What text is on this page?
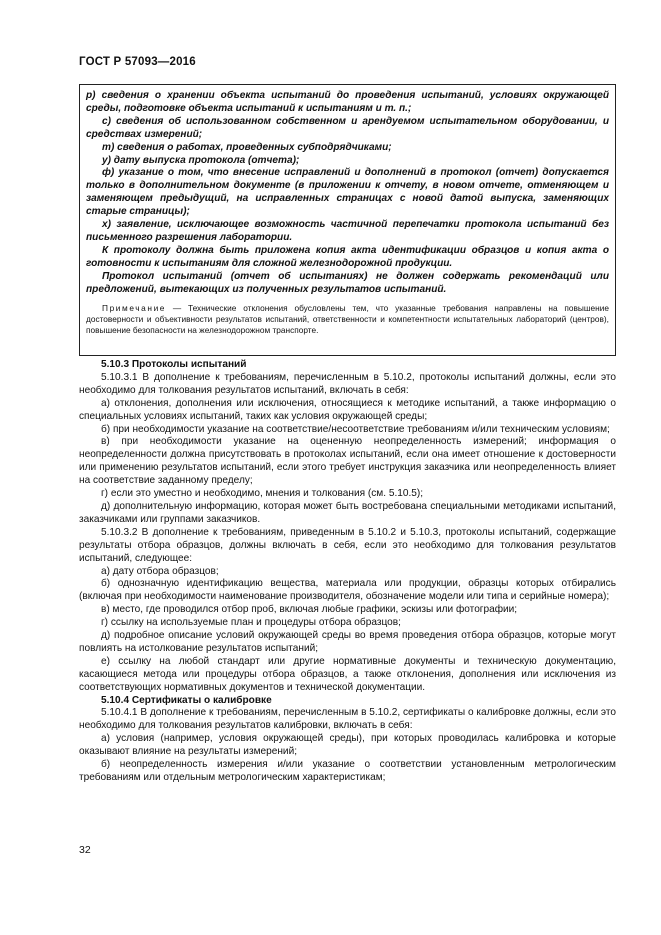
ГОСТ Р 57093—2016

р) сведения о хранении объекта испытаний до проведения испытаний, условиях окружающей среды, подготовке объекта испытаний к испытаниям и т. п.;

с) сведения об использованном собственном и арендуемом испытательном оборудовании, и средствах измерений;

т) сведения о работах, проведенных субподрядчиками;

у) дату выпуска протокола (отчета);

ф) указание о том, что внесение исправлений и дополнений в протокол (отчет) допускается только в дополнительном документе (в приложении к отчету, в новом отчете, отменяющем и заменяющем предыдущий, на исправленных страницах с новой датой выпуска, заменяющих старые страницы);

х) заявление, исключающее возможность частичной перепечатки протокола испытаний без письменного разрешения лаборатории.

К протоколу должна быть приложена копия акта идентификации образцов и копия акта о готовности к испытаниям для сложной железнодорожной продукции.

Протокол испытаний (отчет об испытаниях) не должен содержать рекомендаций или предложений, вытекающих из полученных результатов испытаний.

Примечание — Технические отклонения обусловлены тем, что указанные требования направлены на повышение достоверности и объективности результатов испытаний, ответственности и компетентности испытательных лабораторий (центров), повышение безопасности на железнодорожном транспорте.

5.10.3 Протоколы испытаний

5.10.3.1 В дополнение к требованиям, перечисленным в 5.10.2, протоколы испытаний должны, если это необходимо для толкования результатов испытаний, включать в себя:

а) отклонения, дополнения или исключения, относящиеся к методике испытаний, а также информацию о специальных условиях испытаний, таких как условия окружающей среды;

б) при необходимости указание на соответствие/несоответствие требованиям и/или техническим условиям;

в) при необходимости указание на оцененную неопределенность измерений; информация о неопределенности должна присутствовать в протоколах испытаний, если она имеет отношение к достоверности или применению результатов испытаний, если этого требует инструкция заказчика или неопределенность влияет на соответствие заданному пределу;

г) если это уместно и необходимо, мнения и толкования (см. 5.10.5);

д) дополнительную информацию, которая может быть востребована специальными методиками испытаний, заказчиками или группами заказчиков.

5.10.3.2 В дополнение к требованиям, приведенным в 5.10.2 и 5.10.3, протоколы испытаний, содержащие результаты отбора образцов, должны включать в себя, если это необходимо для толкования результатов испытаний, следующее:

а) дату отбора образцов;

б) однозначную идентификацию вещества, материала или продукции, образцы которых отбирались (включая при необходимости наименование производителя, обозначение модели или типа и серийные номера);

в) место, где проводился отбор проб, включая любые графики, эскизы или фотографии;

г) ссылку на используемые план и процедуры отбора образцов;

д) подробное описание условий окружающей среды во время проведения отбора образцов, которые могут повлиять на истолкование результатов испытаний;

е) ссылку на любой стандарт или другие нормативные документы и техническую документацию, касающиеся метода или процедуры отбора образцов, а также отклонения, дополнения или исключения из соответствующих нормативных документов и технической документации.

5.10.4 Сертификаты о калибровке

5.10.4.1 В дополнение к требованиям, перечисленным в 5.10.2, сертификаты о калибровке должны, если это необходимо для толкования результатов калибровки, включать в себя:

а) условия (например, условия окружающей среды), при которых проводилась калибровка и которые оказывают влияние на результаты измерений;

б) неопределенность измерения и/или указание о соответствии установленным метрологическим требованиям или отдельным метрологическим характеристикам;

32
